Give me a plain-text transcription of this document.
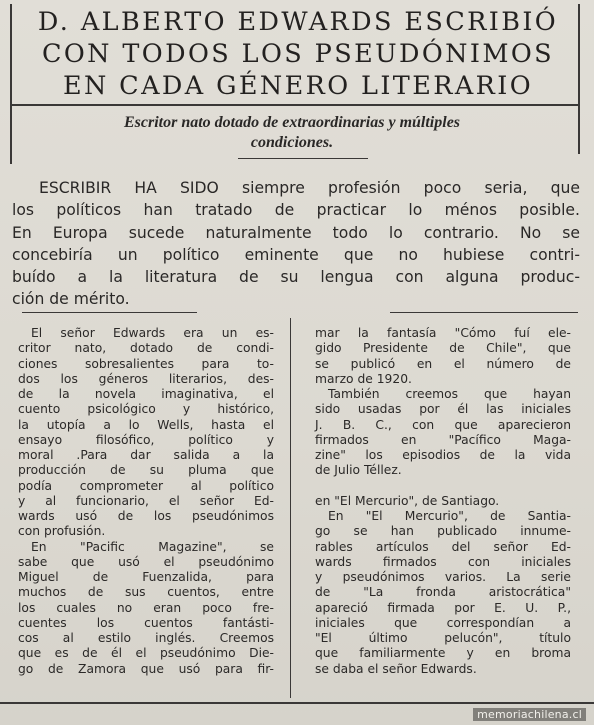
D. ALBERTO EDWARDS ESCRIBIÓ
CON TODOS LOS PSEUDÓNIMOS
EN CADA GÉNERO LITERARIO
Escritor nato dotado de extraordinarias y múltiples
condiciones.
ESCRIBIR HA SIDO siempre profesión poco seria, que
los políticos han tratado de practicar lo ménos posible.
En Europa sucede naturalmente todo lo contrario. No se
concebiría un político eminente que no hubiese contri-
buído a la literatura de su lengua con alguna produc-
ción de mérito.
El señor Edwards era un es-
critor nato, dotado de condi-
ciones sobresalientes para to-
dos los géneros literarios, des-
de la novela imaginativa, el
cuento psicológico y histórico,
la utopía a lo Wells, hasta el
ensayo filosófico, político y
moral .Para dar salida a la
producción de su pluma que
podía comprometer al político
y al funcionario, el señor Ed-
wards usó de los pseudónimos
con profusión.
En "Pacific Magazine", se
sabe que usó el pseudónimo
Miguel de Fuenzalida, para
muchos de sus cuentos, entre
los cuales no eran poco fre-
cuentes los cuentos fantásti-
cos al estilo inglés. Creemos
que es de él el pseudónimo Die-
go de Zamora que usó para fir-
mar la fantasía "Cómo fuí ele-
gido Presidente de Chile", que
se publicó en el número de
marzo de 1920.
También creemos que hayan
sido usadas por él las iniciales
J. B. C., con que aparecieron
firmados en "Pacífico Maga-
zine" los episodios de la vida
de Julio Téllez.
en "El Mercurio", de Santiago.
En "El Mercurio", de Santia-
go se han publicado innume-
rables artículos del señor Ed-
wards firmados con iniciales
y pseudónimos varios. La serie
de "La fronda aristocrática"
apareció firmada por E. U. P.,
iniciales que correspondían a
"El último pelucón", título
que familiarmente y en broma
se daba el señor Edwards.
memoriachilena.cl
